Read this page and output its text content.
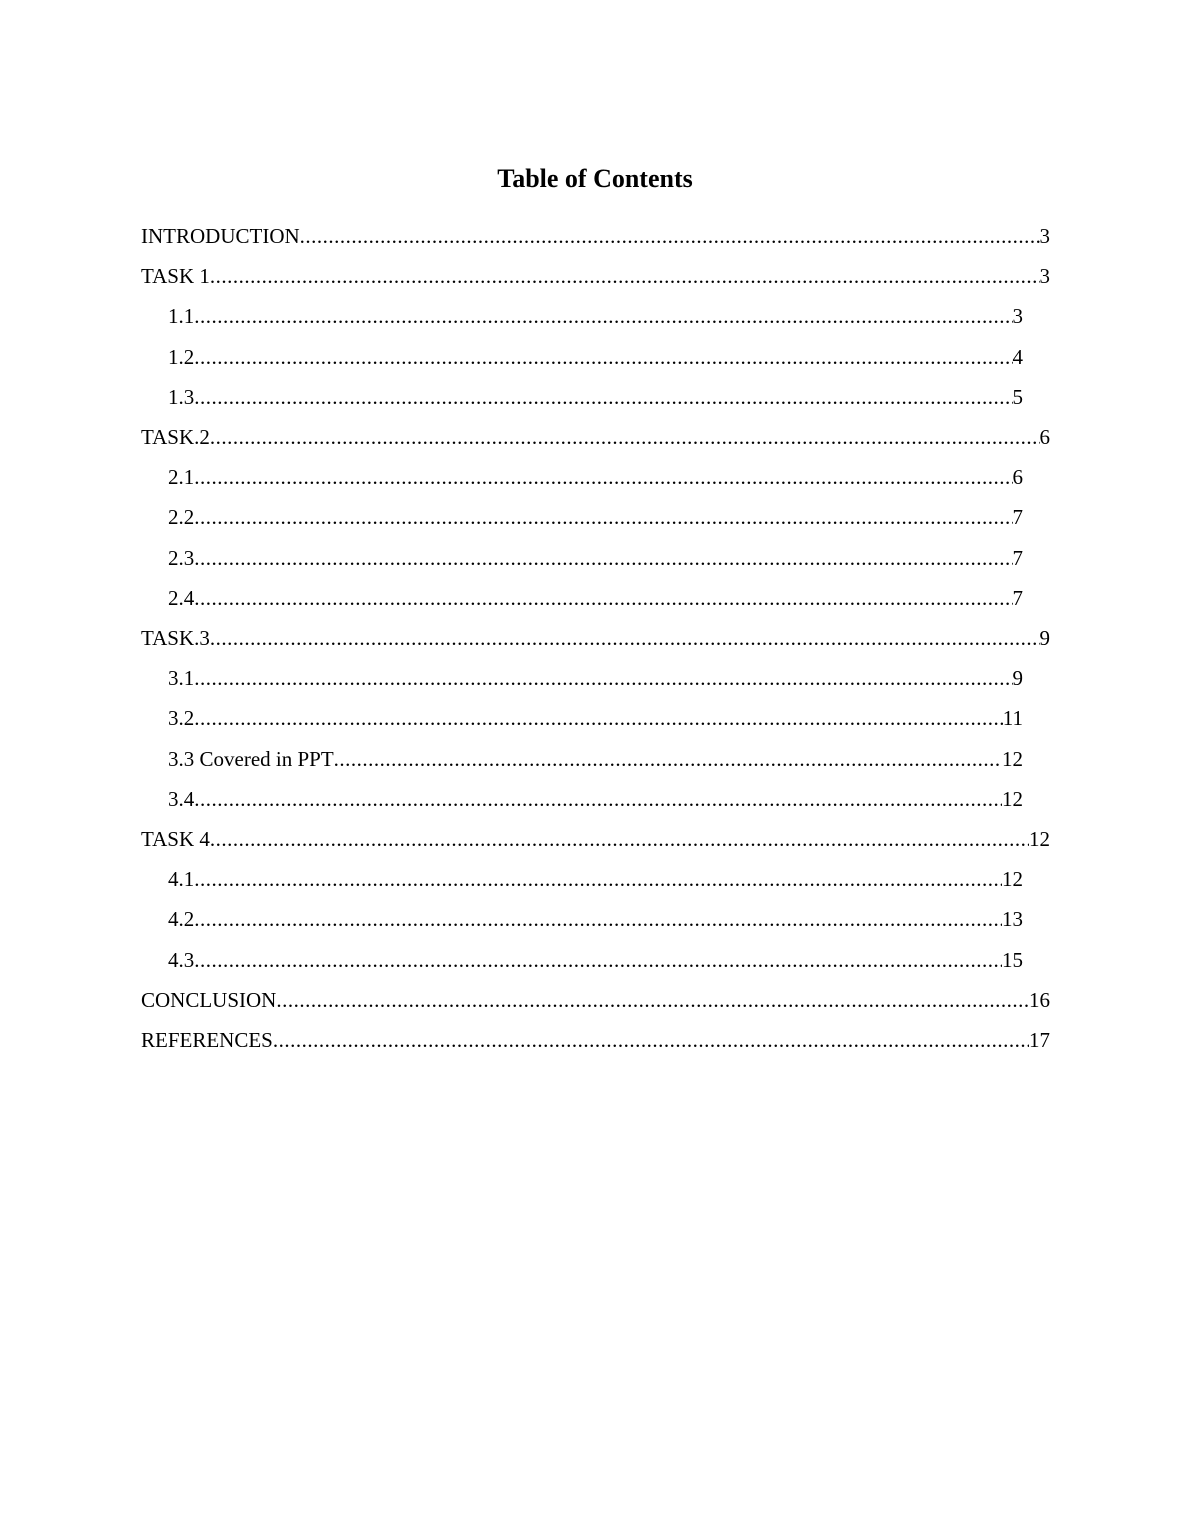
Table of Contents
INTRODUCTION .....	3
TASK 1 .....	3
1.1 .....	3
1.2 .....	4
1.3 .....	5
TASK.2 .....	6
2.1 .....	6
2.2 .....	7
2.3 .....	7
2.4 .....	7
TASK.3 .....	9
3.1 .....	9
3.2 .....	11
3.3 Covered in PPT .....	12
3.4 .....	12
TASK 4 .....	12
4.1 .....	12
4.2 .....	13
4.3 .....	15
CONCLUSION .....	16
REFERENCES .....	17
